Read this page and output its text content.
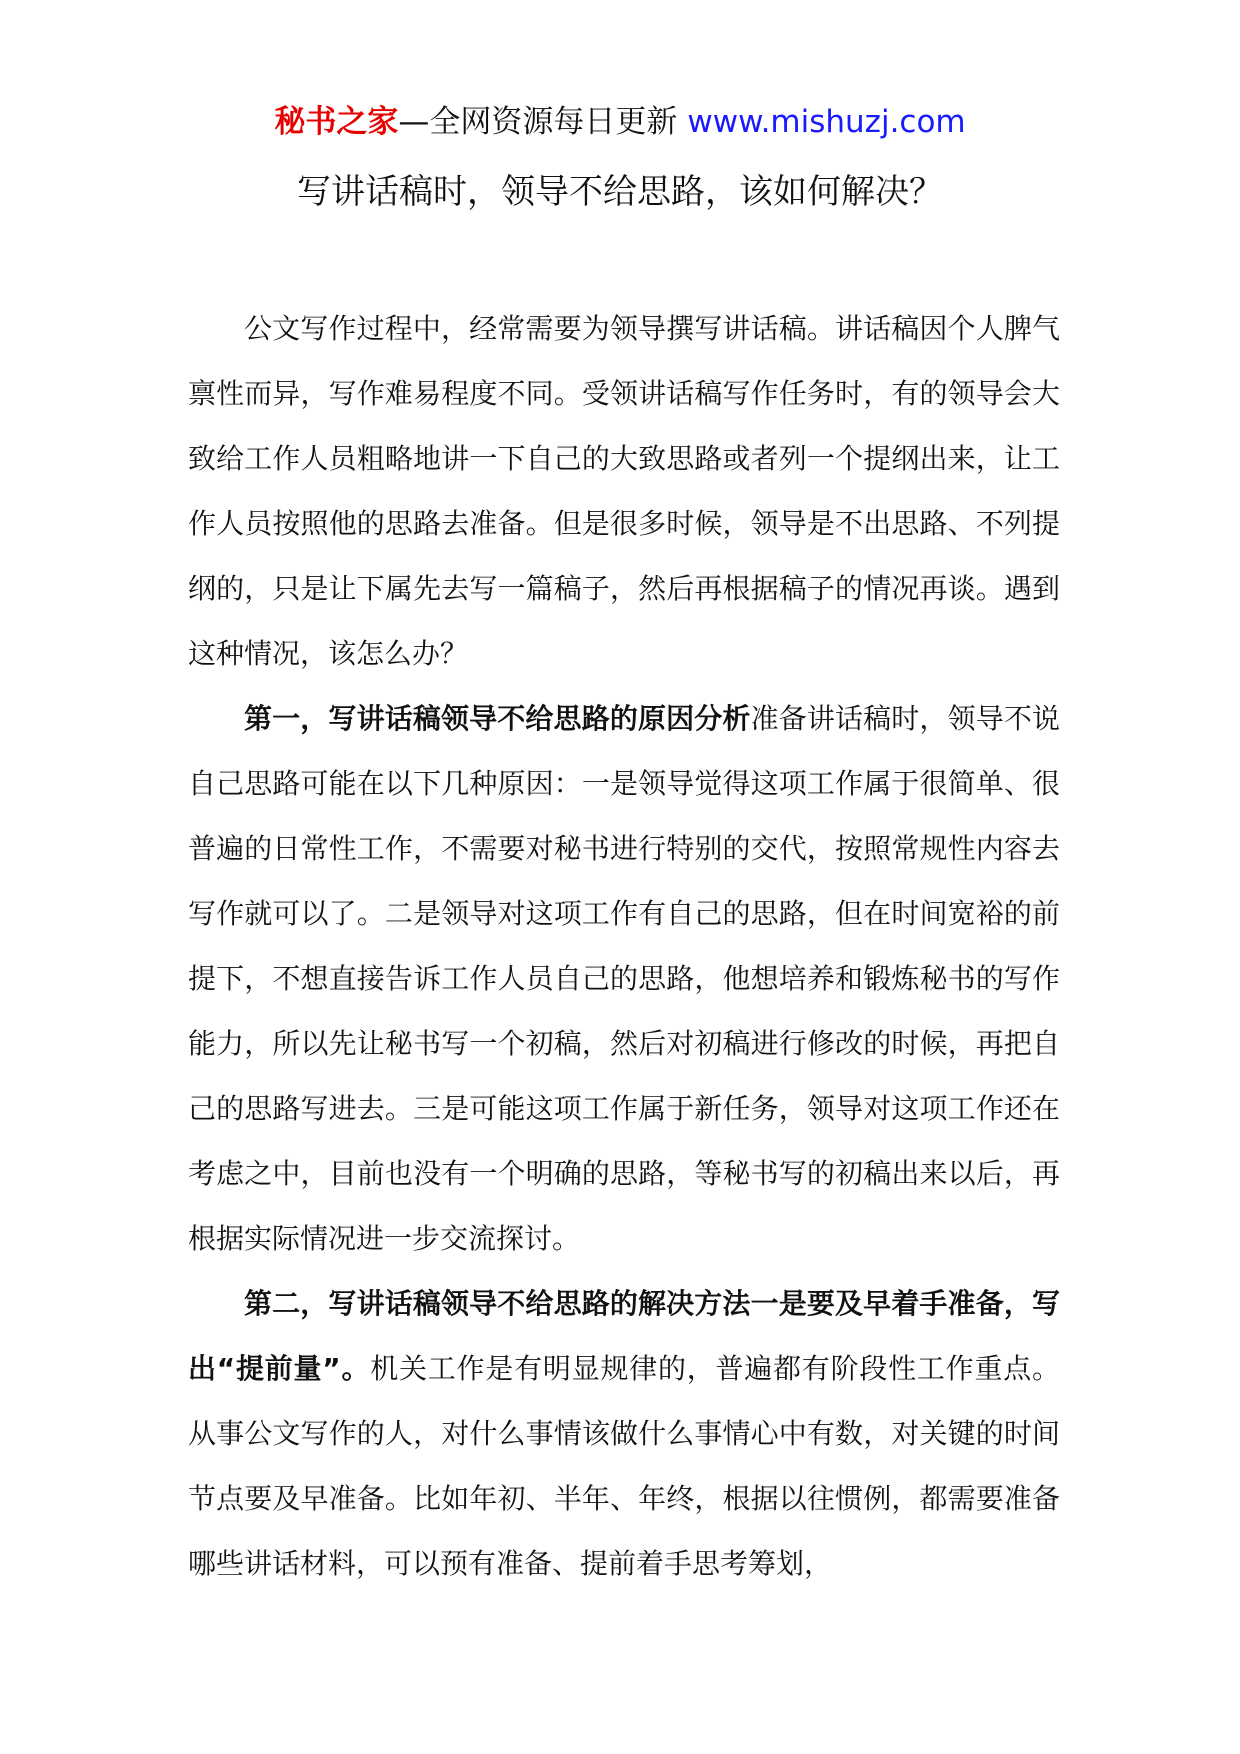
秘书之家—全网资源每日更新 www.mishuzj.com
写讲话稿时，领导不给思路，该如何解决？

公文写作过程中，经常需要为领导撰写讲话稿。讲话稿因个人脾气禀性而异，写作难易程度不同。受领讲话稿写作任务时，有的领导会大致给工作人员粗略地讲一下自己的大致思路或者列一个提纲出来，让工作人员按照他的思路去准备。但是很多时候，领导是不出思路、不列提纲的，只是让下属先去写一篇稿子，然后再根据稿子的情况再谈。遇到这种情况，该怎么办？

第一，写讲话稿领导不给思路的原因分析准备讲话稿时，领导不说自己思路可能在以下几种原因：一是领导觉得这项工作属于很简单、很普遍的日常性工作，不需要对秘书进行特别的交代，按照常规性内容去写作就可以了。二是领导对这项工作有自己的思路，但在时间宽裕的前提下，不想直接告诉工作人员自己的思路，他想培养和锻炼秘书的写作能力，所以先让秘书写一个初稿，然后对初稿进行修改的时候，再把自己的思路写进去。三是可能这项工作属于新任务，领导对这项工作还在考虑之中，目前也没有一个明确的思路，等秘书写的初稿出来以后，再根据实际情况进一步交流探讨。

第二，写讲话稿领导不给思路的解决方法一是要及早着手准备，写出“提前量”。机关工作是有明显规律的，普遍都有阶段性工作重点。从事公文写作的人，对什么事情该做什么事情心中有数，对关键的时间节点要及早准备。比如年初、半年、年终，根据以往惯例，都需要准备哪些讲话材料，可以预有准备、提前着手思考筹划，
